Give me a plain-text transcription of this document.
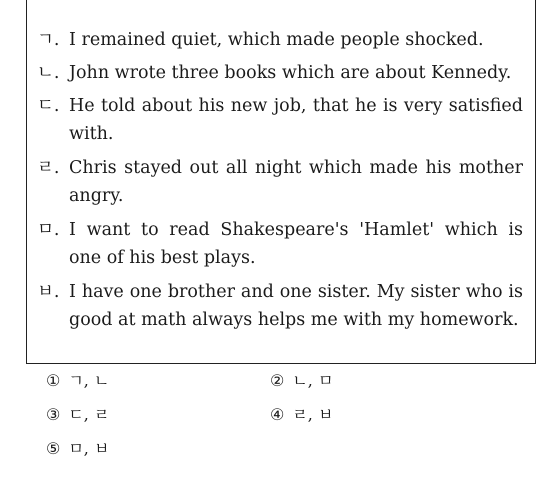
ㄱ. I remained quiet, which made people shocked.
ㄴ. John wrote three books which are about Kennedy.
ㄷ. He told about his new job, that he is very satisfied with.
ㄹ. Chris stayed out all night which made his mother angry.
ㅁ. I want to read Shakespeare's 'Hamlet' which is one of his best plays.
ㅂ. I have one brother and one sister. My sister who is good at math always helps me with my homework.
① ㄱ, ㄴ	② ㄴ, ㅁ
③ ㄷ, ㄹ	④ ㄹ, ㅂ
⑤ ㅁ, ㅂ
